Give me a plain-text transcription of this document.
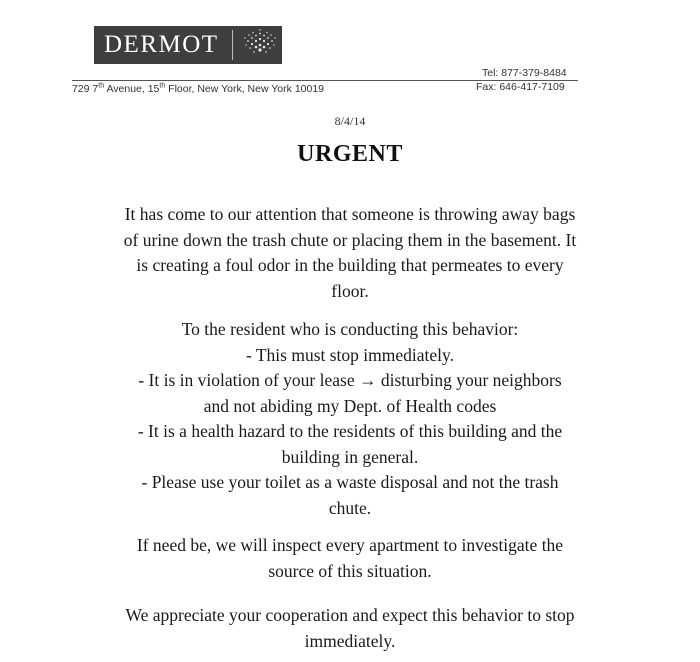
DERMOT
Tel: 877-379-8484
Fax: 646-417-7109
729 7th Avenue, 15th Floor, New York, New York 10019
8/4/14
URGENT
It has come to our attention that someone is throwing away bags
of urine down the trash chute or placing them in the basement. It
is creating a foul odor in the building that permeates to every
floor.
To the resident who is conducting this behavior:
- This must stop immediately.
- It is in violation of your lease → disturbing your neighbors
and not abiding my Dept. of Health codes
- It is a health hazard to the residents of this building and the
building in general.
- Please use your toilet as a waste disposal and not the trash
chute.
If need be, we will inspect every apartment to investigate the
source of this situation.
We appreciate your cooperation and expect this behavior to stop
immediately.
